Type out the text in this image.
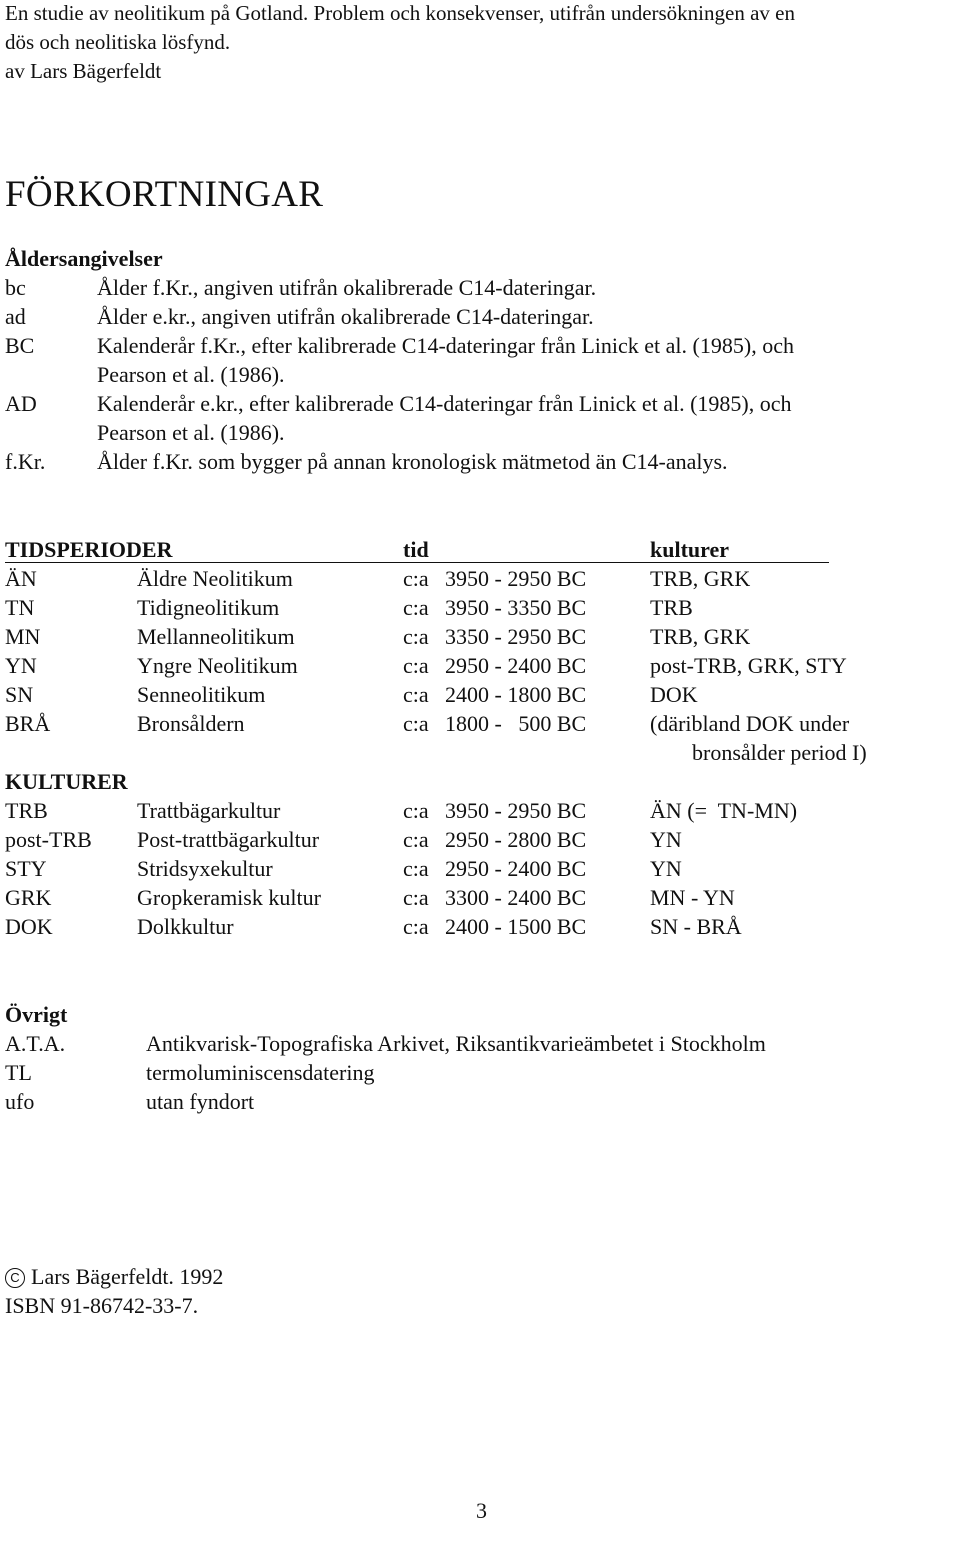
En studie av neolitikum på Gotland. Problem och konsekvenser, utifrån undersökningen av en
dös och neolitiska lösfynd.
av Lars Bägerfeldt
FÖRKORTNINGAR
Åldersangivelser
bc	Ålder f.Kr., angiven utifrån okalibrerade C14-dateringar.
ad	Ålder e.kr., angiven utifrån okalibrerade C14-dateringar.
BC	Kalenderår f.Kr., efter kalibrerade C14-dateringar från Linick et al. (1985), och
Pearson et al. (1986).
AD	Kalenderår e.kr., efter kalibrerade C14-dateringar från Linick et al. (1985), och
Pearson et al. (1986).
f.Kr. Ålder f.Kr. som bygger på annan kronologisk mätmetod än C14-analys.
TIDSPERIODER	tid	kulturer
ÄN	Äldre Neolitikum	c:a 3950 - 2950 BC	TRB, GRK
TN	Tidigneolitikum	c:a 3950 - 3350 BC	TRB
MN	Mellanneolitikum	c:a 3350 - 2950 BC	TRB, GRK
YN	Yngre Neolitikum	c:a 2950 - 2400 BC	post-TRB, GRK, STY
SN	Senneolitikum	c:a 2400 - 1800 BC	DOK
BRÅ	Bronsåldern	c:a 1800 -   500 BC	(däribland DOK under
bronsålder period I)
KULTURER
TRB	Trattbägarkultur	c:a 3950 - 2950 BC	ÄN (=  TN-MN)
post-TRB Post-trattbägarkultur	c:a 2950 - 2800 BC	YN
STY	Stridsyxekultur	c:a 2950 - 2400 BC	YN
GRK	Gropkeramisk kultur	c:a 3300 - 2400 BC	MN - YN
DOK	Dolkkultur	c:a 2400 - 1500 BC	SN - BRÅ
Övrigt
A.T.A.	Antikvarisk-Topografiska Arkivet, Riksantikvarieämbetet i Stockholm
TL	termoluminiscensdatering
ufo	utan fyndort
C Lars Bägerfeldt. 1992
ISBN 91-86742-33-7.
3
